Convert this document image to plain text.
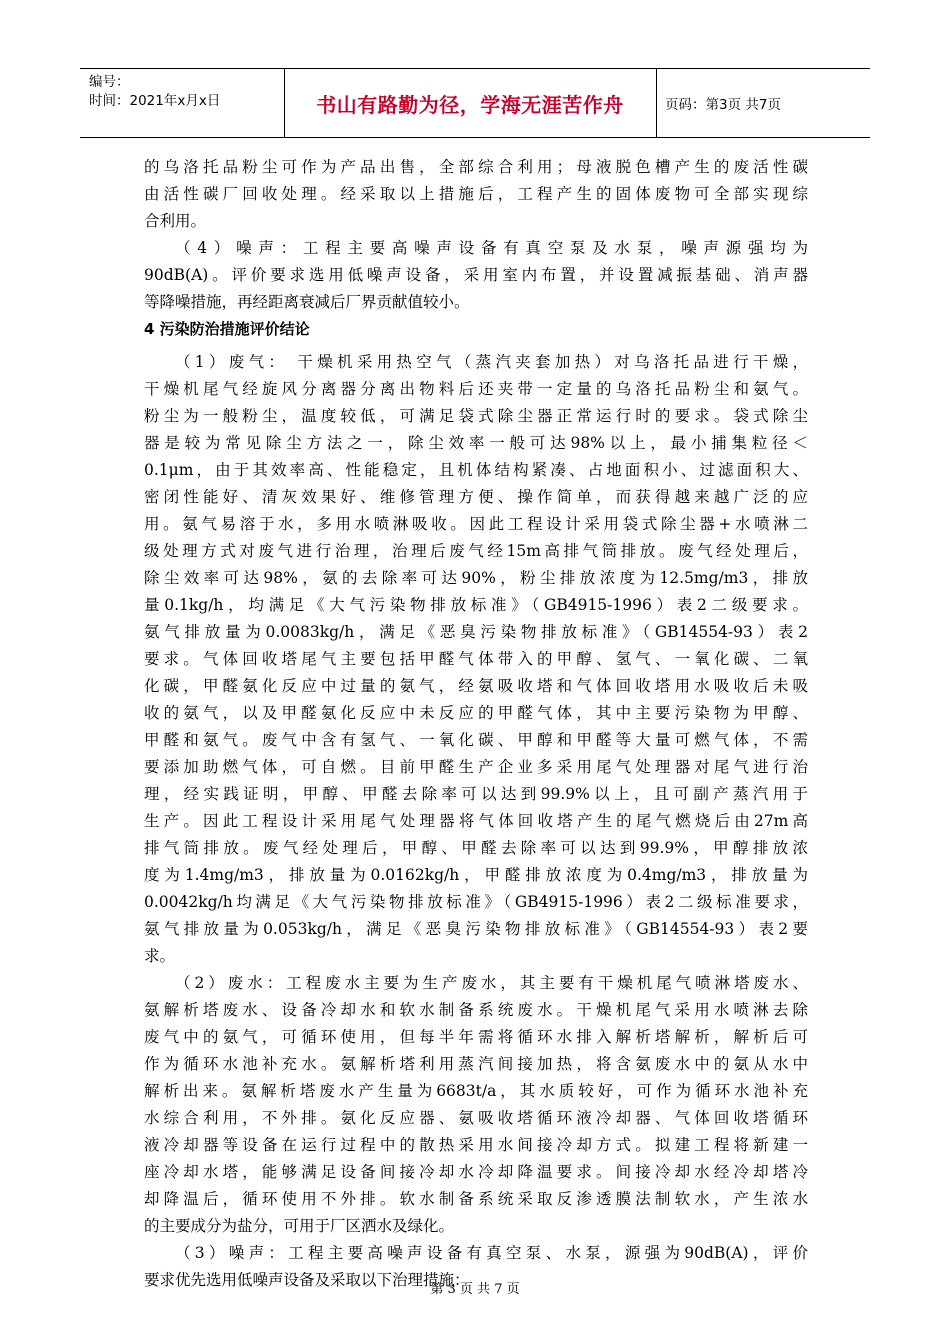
编号：
时间：2021年x月x日	书山有路勤为径，学海无涯苦作舟	页码：第3页 共7页
的乌洛托品粉尘可作为产品出售，全部综合利用；母液脱色槽产生的废活性碳
由活性碳厂回收处理。经采取以上措施后，工程产生的固体废物可全部实现综
合利用。
（4）噪声：工程主要高噪声设备有真空泵及水泵，噪声源强均为
90dB(A)。评价要求选用低噪声设备，采用室内布置，并设置减振基础、消声器
等降噪措施，再经距离衰减后厂界贡献值较小。
4 污染防治措施评价结论
（1）废气： 干燥机采用热空气（蒸汽夹套加热）对乌洛托品进行干燥，
干燥机尾气经旋风分离器分离出物料后还夹带一定量的乌洛托品粉尘和氨气。
粉尘为一般粉尘，温度较低，可满足袋式除尘器正常运行时的要求。袋式除尘
器是较为常见除尘方法之一，除尘效率一般可达98%以上，最小捕集粒径＜
0.1μm，由于其效率高、性能稳定，且机体结构紧凑、占地面积小、过滤面积大、
密闭性能好、清灰效果好、维修管理方便、操作简单，而获得越来越广泛的应
用。氨气易溶于水，多用水喷淋吸收。因此工程设计采用袋式除尘器+水喷淋二
级处理方式对废气进行治理，治理后废气经15m高排气筒排放。废气经处理后，
除尘效率可达98%，氨的去除率可达90%，粉尘排放浓度为12.5mg/m3，排放
量0.1kg/h，均满足《大气污染物排放标准》（GB4915-1996）表2二级要求。
氨气排放量为0.0083kg/h，满足《恶臭污染物排放标准》（GB14554-93）表2
要求。气体回收塔尾气主要包括甲醛气体带入的甲醇、氢气、一氧化碳、二氧
化碳，甲醛氨化反应中过量的氨气，经氨吸收塔和气体回收塔用水吸收后未吸
收的氨气，以及甲醛氨化反应中未反应的甲醛气体，其中主要污染物为甲醇、
甲醛和氨气。废气中含有氢气、一氧化碳、甲醇和甲醛等大量可燃气体，不需
要添加助燃气体，可自燃。目前甲醛生产企业多采用尾气处理器对尾气进行治
理，经实践证明，甲醇、甲醛去除率可以达到99.9%以上，且可副产蒸汽用于
生产。因此工程设计采用尾气处理器将气体回收塔产生的尾气燃烧后由27m高
排气筒排放。废气经处理后，甲醇、甲醛去除率可以达到99.9%，甲醇排放浓
度为1.4mg/m3，排放量为0.0162kg/h，甲醛排放浓度为0.4mg/m3，排放量为
0.0042kg/h均满足《大气污染物排放标准》（GB4915-1996）表2二级标准要求，
氨气排放量为0.053kg/h，满足《恶臭污染物排放标准》（GB14554-93）表2要
求。
（2）废水：工程废水主要为生产废水，其主要有干燥机尾气喷淋塔废水、
氨解析塔废水、设备冷却水和软水制备系统废水。干燥机尾气采用水喷淋去除
废气中的氨气，可循环使用，但每半年需将循环水排入解析塔解析，解析后可
作为循环水池补充水。氨解析塔利用蒸汽间接加热，将含氨废水中的氨从水中
解析出来。氨解析塔废水产生量为6683t/a，其水质较好，可作为循环水池补充
水综合利用，不外排。氨化反应器、氨吸收塔循环液冷却器、气体回收塔循环
液冷却器等设备在运行过程中的散热采用水间接冷却方式。拟建工程将新建一
座冷却水塔，能够满足设备间接冷却水冷却降温要求。间接冷却水经冷却塔冷
却降温后，循环使用不外排。软水制备系统采取反渗透膜法制软水，产生浓水
的主要成分为盐分，可用于厂区洒水及绿化。
（3）噪声：工程主要高噪声设备有真空泵、水泵，源强为90dB(A)，评价
要求优先选用低噪声设备及采取以下治理措施：
第 3 页 共 7 页
